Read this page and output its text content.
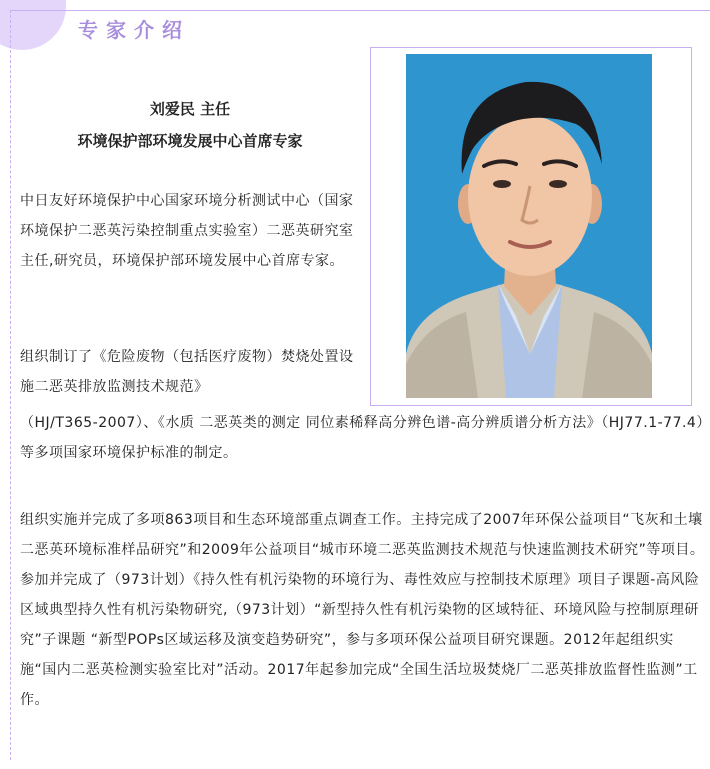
专家介绍

刘爱民 主任

环境保护部环境发展中心首席专家

中日友好环境保护中心国家环境分析测试中心（国家环境保护二恶英污染控制重点实验室）二恶英研究室主任,研究员，环境保护部环境发展中心首席专家。

组织制订了《危险废物（包括医疗废物）焚烧处置设施二恶英排放监测技术规范》

（HJ/T365-2007）、《水质 二恶英类的测定 同位素稀释高分辨色谱-高分辨质谱分析方法》（HJ77.1-77.4）等多项国家环境保护标准的制定。

组织实施并完成了多项863项目和生态环境部重点调查工作。主持完成了2007年环保公益项目“飞灰和土壤二恶英环境标准样品研究”和2009年公益项目“城市环境二恶英监测技术规范与快速监测技术研究”等项目。参加并完成了（973计划）《持久性有机污染物的环境行为、毒性效应与控制技术原理》项目子课题-高风险区域典型持久性有机污染物研究,（973计划）“新型持久性有机污染物的区域特征、环境风险与控制原理研究”子课题 “新型POPs区域运移及演变趋势研究”，参与多项环保公益项目研究课题。2012年起组织实施“国内二恶英检测实验室比对”活动。2017年起参加完成“全国生活垃圾焚烧厂二恶英排放监督性监测”工作。
